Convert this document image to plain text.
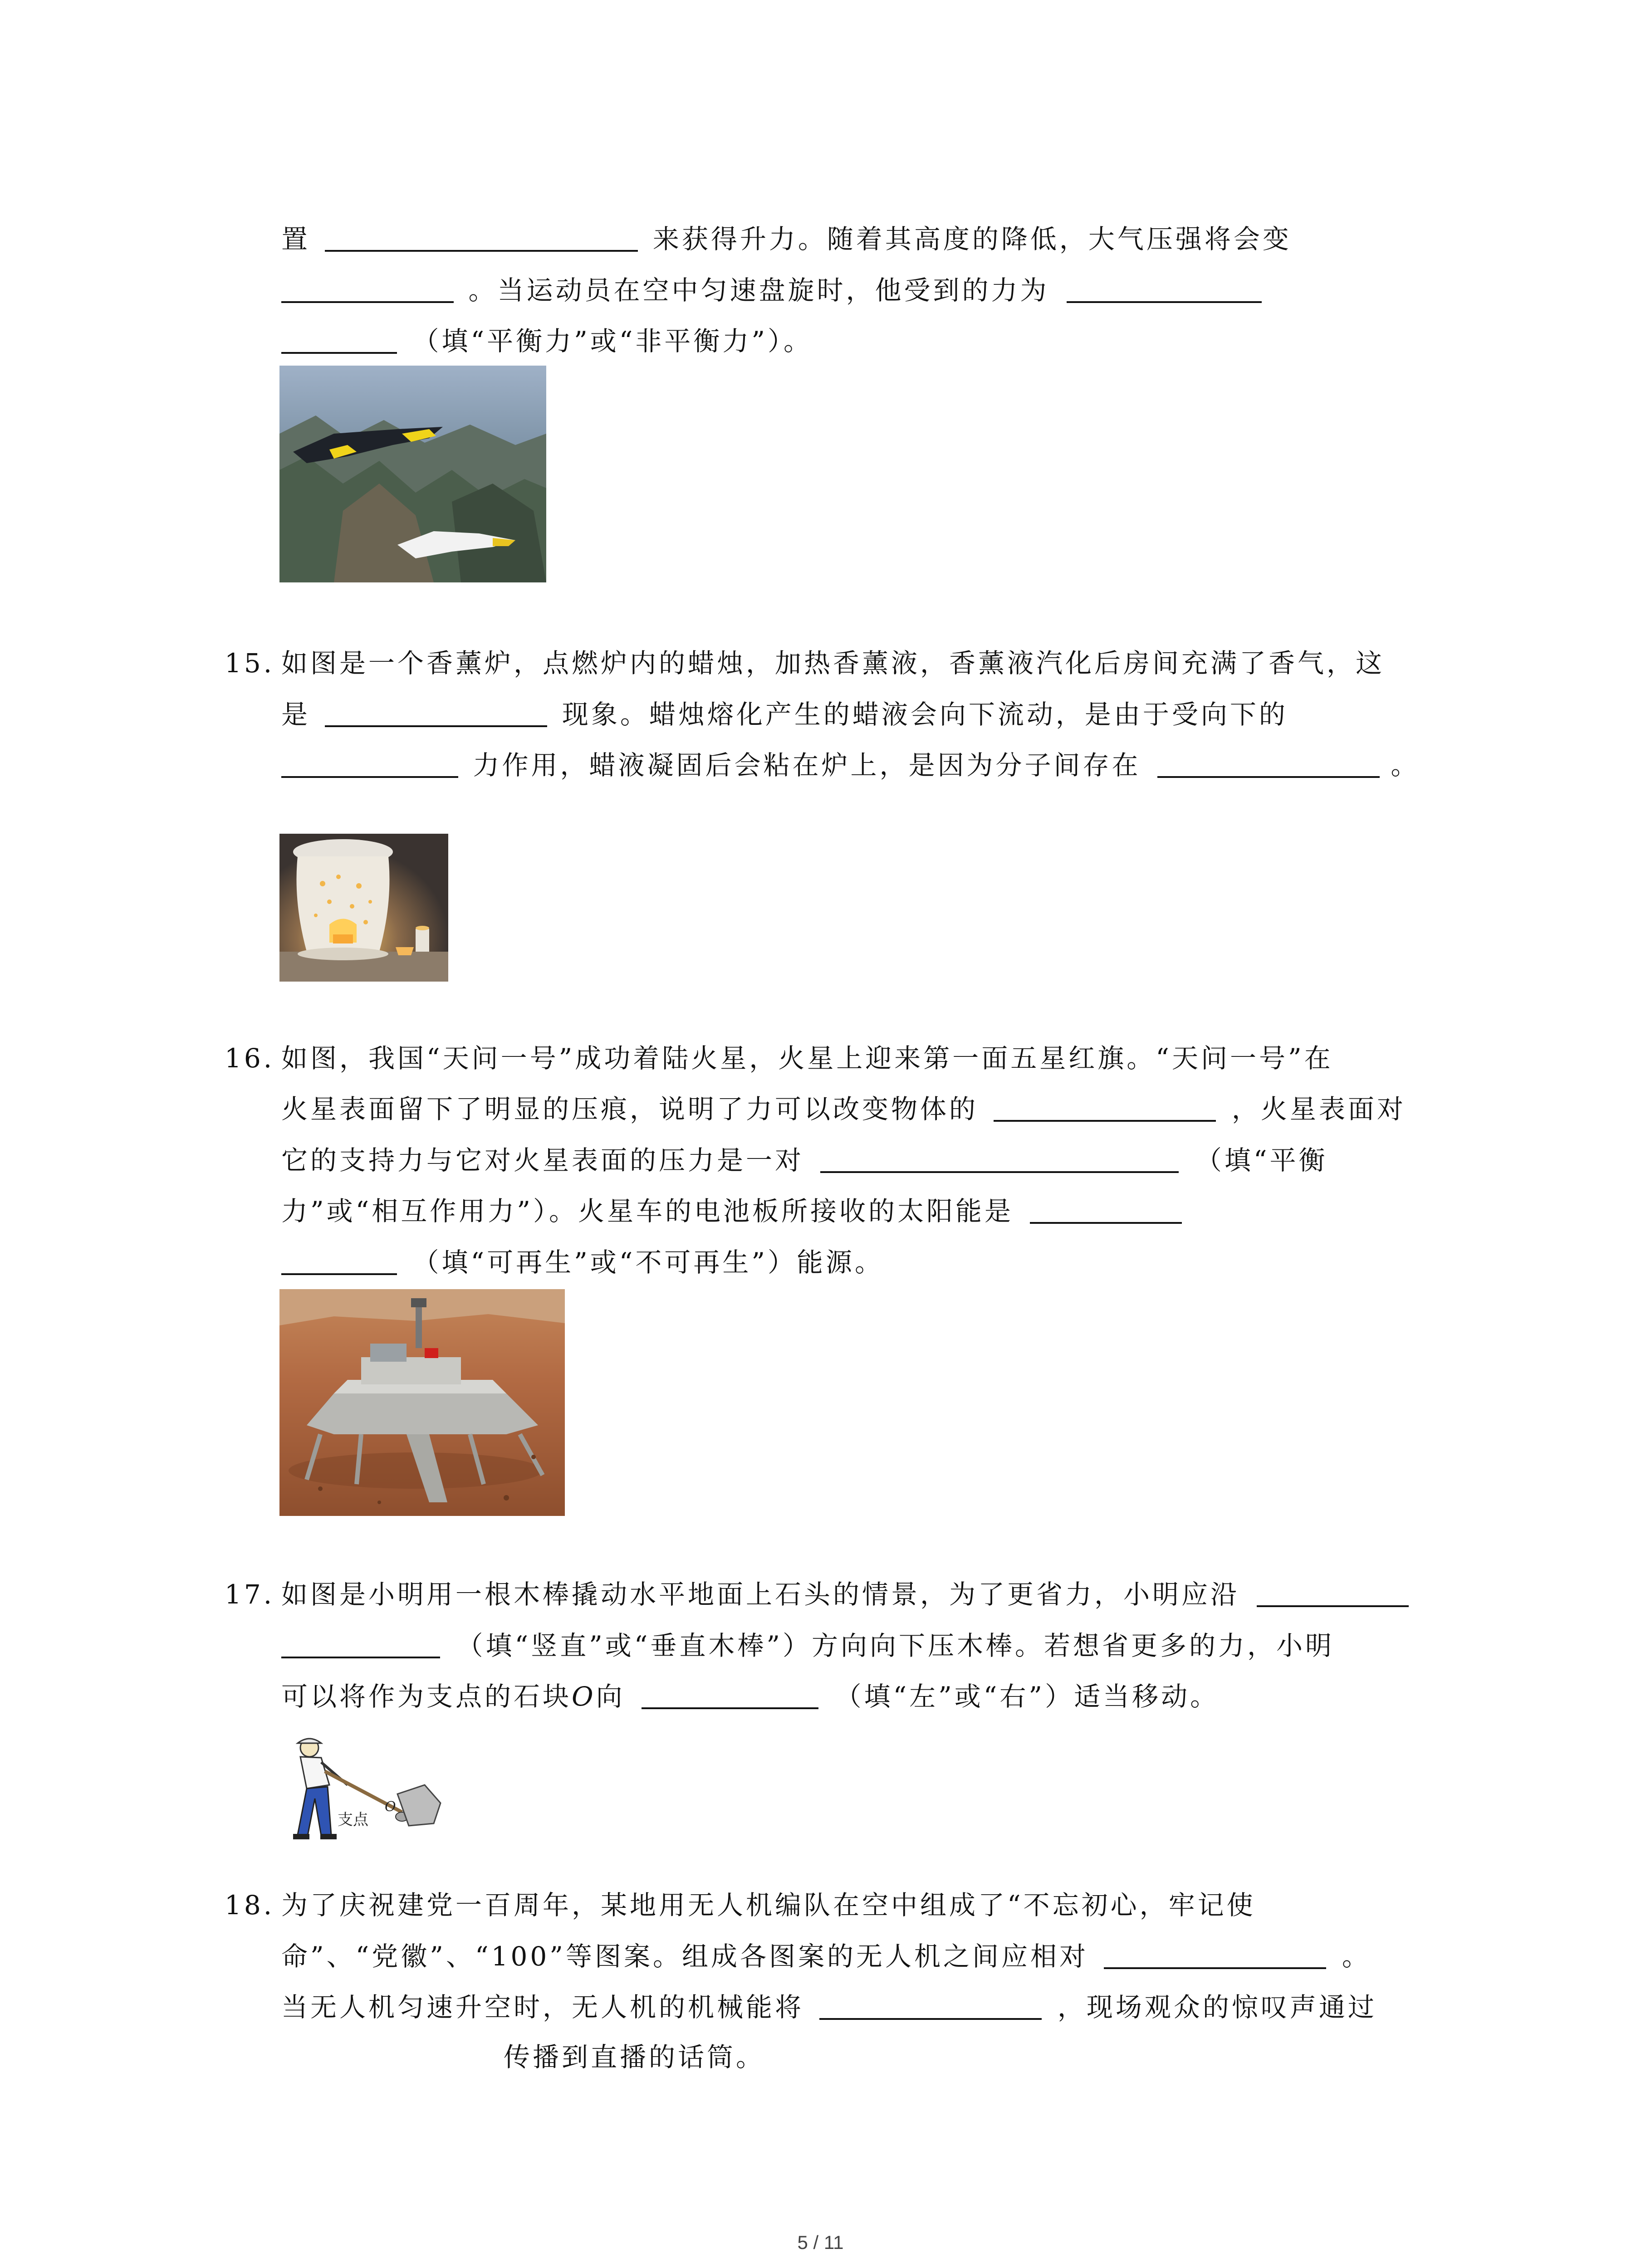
置	来获得升力。随着其高度的降低，大气压强将会变
。当运动员在空中匀速盘旋时，他受到的力为
（填“平衡力”或“非平衡力”）。
15. 如图是一个香薰炉，点燃炉内的蜡烛，加热香薰液，香薰液汽化后房间充满了香气，这
是	现象。蜡烛熔化产生的蜡液会向下流动，是由于受向下的
力作用，蜡液凝固后会粘在炉上，是因为分子间存在	。
16. 如图，我国“天问一号”成功着陆火星，火星上迎来第一面五星红旗。“天问一号”在
火星表面留下了明显的压痕，说明了力可以改变物体的	，火星表面对
它的支持力与它对火星表面的压力是一对	（填“平衡
力”或“相互作用力”）。火星车的电池板所接收的太阳能是
（填“可再生”或“不可再生”）能源。
17. 如图是小明用一根木棒撬动水平地面上石头的情景，为了更省力，小明应沿
（填“竖直”或“垂直木棒”）方向向下压木棒。若想省更多的力，小明
可以将作为支点的石块O向	（填“左”或“右”）适当移动。
支点
O
18. 为了庆祝建党一百周年，某地用无人机编队在空中组成了“不忘初心，牢记使
命”、“党徽”、“100”等图案。组成各图案的无人机之间应相对	。
当无人机匀速升空时，无人机的机械能将	，现场观众的惊叹声通过
传播到直播的话筒。
5 / 11
